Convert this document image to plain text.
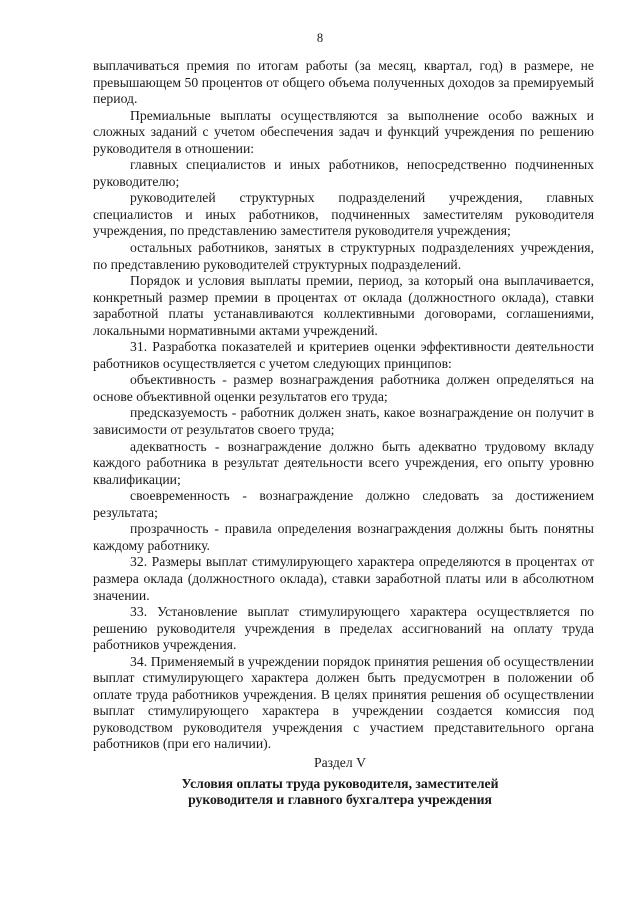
8

выплачиваться премия по итогам работы (за месяц, квартал, год) в размере, не превышающем 50 процентов от общего объема полученных доходов за премируемый период.

Премиальные выплаты осуществляются за выполнение особо важных и сложных заданий с учетом обеспечения задач и функций учреждения по решению руководителя в отношении:

главных специалистов и иных работников, непосредственно подчиненных руководителю;

руководителей структурных подразделений учреждения, главных специалистов и иных работников, подчиненных заместителям руководителя учреждения, по представлению заместителя руководителя учреждения;

остальных работников, занятых в структурных подразделениях учреждения, по представлению руководителей структурных подразделений.

Порядок и условия выплаты премии, период, за который она выплачивается, конкретный размер премии в процентах от оклада (должностного оклада), ставки заработной платы устанавливаются коллективными договорами, соглашениями, локальными нормативными актами учреждений.

31. Разработка показателей и критериев оценки эффективности деятельности работников осуществляется с учетом следующих принципов:

объективность - размер вознаграждения работника должен определяться на основе объективной оценки результатов его труда;

предсказуемость - работник должен знать, какое вознаграждение он получит в зависимости от результатов своего труда;

адекватность - вознаграждение должно быть адекватно трудовому вкладу каждого работника в результат деятельности всего учреждения, его опыту уровню квалификации;

своевременность - вознаграждение должно следовать за достижением результата;

прозрачность - правила определения вознаграждения должны быть понятны каждому работнику.

32. Размеры выплат стимулирующего характера определяются в процентах от размера оклада (должностного оклада), ставки заработной платы или в абсолютном значении.

33. Установление выплат стимулирующего характера осуществляется по решению руководителя учреждения в пределах ассигнований на оплату труда работников учреждения.

34. Применяемый в учреждении порядок принятия решения об осуществлении выплат стимулирующего характера должен быть предусмотрен в положении об оплате труда работников учреждения. В целях принятия решения об осуществлении выплат стимулирующего характера в учреждении создается комиссия под руководством руководителя учреждения с участием представительного органа работников (при его наличии).

Раздел V

Условия оплаты труда руководителя, заместителей

руководителя и главного бухгалтера учреждения
